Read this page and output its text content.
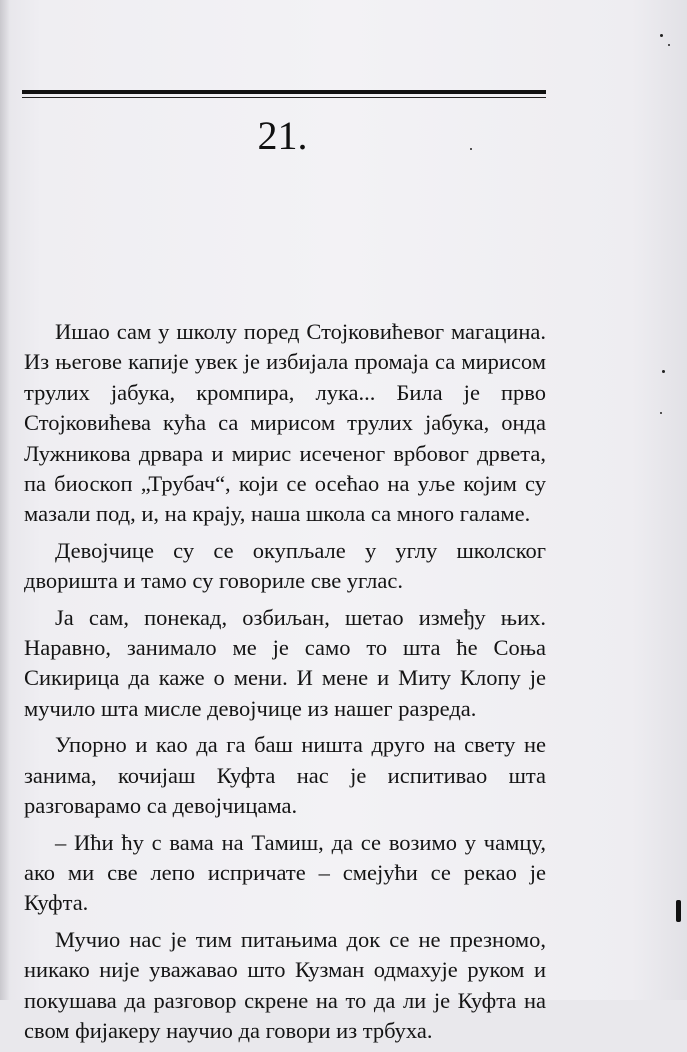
21.

Ишао сам у школу поред Стојковићевог магацина. Из његове капије увек је избијала промаја са мирисом трулих јабука, кромпира, лука... Била је прво Стојковићева кућа са мирисом трулих јабука, онда Лужникова дрвара и мирис исеченог врбовог дрвета, па биоскоп „Трубач“, који се осећао на уље којим су мазали под, и, на крају, наша школа са много галаме.

Девојчице су се окупљале у углу школског дворишта и тамо су говориле све углас.

Ја сам, понекад, озбиљан, шетао између њих. Наравно, занимало ме је само то шта ће Соња Сикирица да каже о мени. И мене и Миту Клопу је мучило шта мисле девојчице из нашег разреда.

Упорно и као да га баш ништа друго на свету не занима, кочијаш Куфта нас је испитивао шта разговарамо са девојчицама.

– Ићи ћу с вама на Тамиш, да се возимо у чамцу, ако ми све лепо испричате – смејући се рекао је Куфта.

Мучио нас је тим питањима док се не презномо, никако није уважавао што Кузман одмахује руком и покушава да разговор скрене на то да ли је Куфта на свом фијакеру научио да говори из трбуха.
